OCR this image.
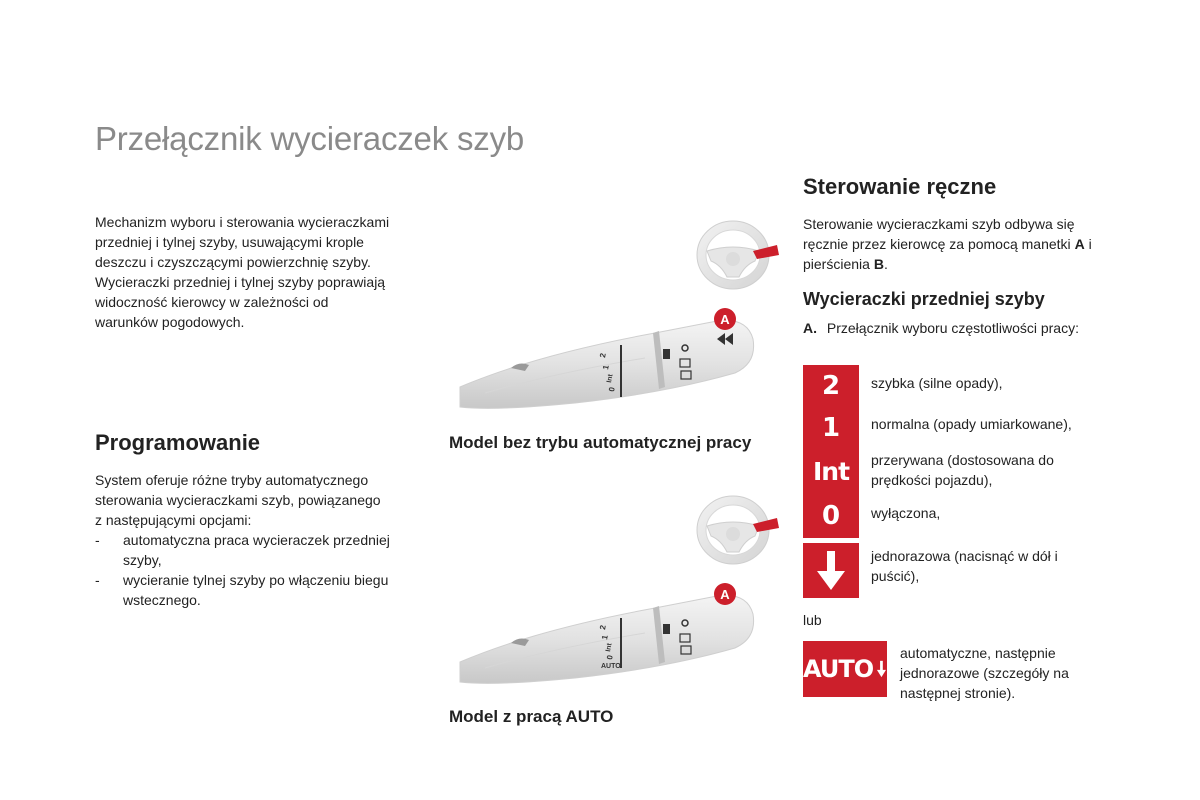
Przełącznik wycieraczek szyb
Mechanizm wyboru i sterowania wycieraczkami
przedniej i tylnej szyby, usuwającymi krople
deszczu i czyszczącymi powierzchnię szyby.
Wycieraczki przedniej i tylnej szyby poprawiają
widoczność kierowcy w zależności od
warunków pogodowych.
Programowanie
System oferuje różne tryby automatycznego
sterowania wycieraczkami szyb, powiązanego
z następującymi opcjami:
- automatyczna praca wycieraczek przedniej szyby,
- wycieranie tylnej szyby po włączeniu biegu wstecznego.
2
1
Int
0
A
Model bez trybu automatycznej pracy
2
1
Int
0
AUTO
A
Model z pracą AUTO
Sterowanie ręczne
Sterowanie wycieraczkami szyb odbywa się
ręcznie przez kierowcę za pomocą manetki A i
pierścienia B.
Wycieraczki przedniej szyby
A. Przełącznik wyboru częstotliwości pracy:
2
1
Int
0
szybka (silne opady),
normalna (opady umiarkowane),
przerywana (dostosowana do prędkości pojazdu),
wyłączona,
jednorazowa (nacisnąć w dół i puścić),
lub
AUTO
automatyczne, następnie jednorazowe (szczegóły na następnej stronie).
